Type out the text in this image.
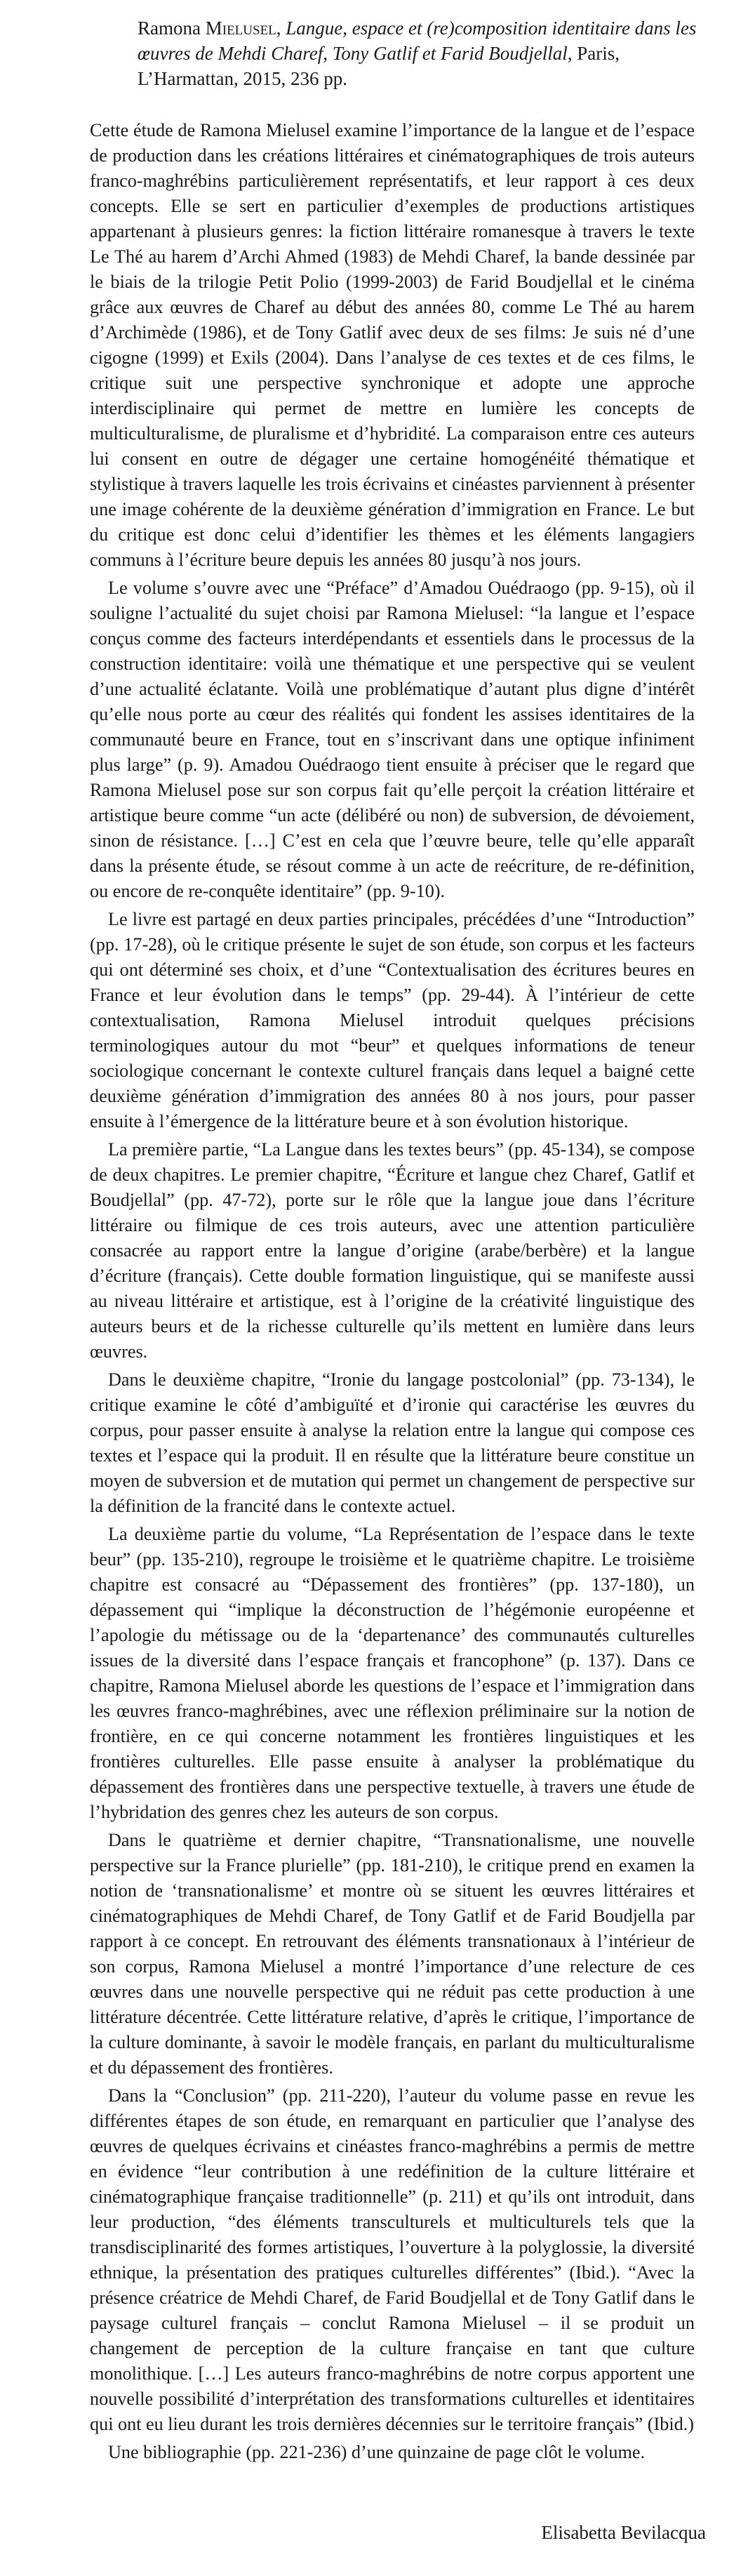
Ramona Mielusel, Langue, espace et (re)composition identitaire dans les œuvres de Mehdi Charef, Tony Gatlif et Farid Boudjellal, Paris, L’Harmattan, 2015, 236 pp.

Cette étude de Ramona Mielusel examine l’importance de la langue et de l’espace de production dans les créations littéraires et cinématographiques de trois auteurs franco-maghrébins particulièrement représentatifs, et leur rapport à ces deux concepts. Elle se sert en particulier d’exemples de productions artistiques appartenant à plusieurs genres: la fiction littéraire romanesque à travers le texte Le Thé au harem d’Archi Ahmed (1983) de Mehdi Charef, la bande dessinée par le biais de la trilogie Petit Polio (1999-2003) de Farid Boudjellal et le cinéma grâce aux œuvres de Charef au début des années 80, comme Le Thé au harem d’Archimède (1986), et de Tony Gatlif avec deux de ses films: Je suis né d’une cigogne (1999) et Exils (2004). Dans l’analyse de ces textes et de ces films, le critique suit une perspective synchronique et adopte une approche interdisciplinaire qui permet de mettre en lumière les concepts de multiculturalisme, de pluralisme et d’hybridité. La comparaison entre ces auteurs lui consent en outre de dégager une certaine homogénéité thématique et stylistique à travers laquelle les trois écrivains et cinéastes parviennent à présenter une image cohérente de la deuxième génération d’immigration en France. Le but du critique est donc celui d’identifier les thèmes et les éléments langagiers communs à l’écriture beure depuis les années 80 jusqu’à nos jours.

Le volume s’ouvre avec une “Préface” d’Amadou Ouédraogo (pp. 9-15), où il souligne l’actualité du sujet choisi par Ramona Mielusel: “la langue et l’espace conçus comme des facteurs interdépendants et essentiels dans le processus de la construction identitaire: voilà une thématique et une perspective qui se veulent d’une actualité éclatante. Voilà une problématique d’autant plus digne d’intérêt qu’elle nous porte au cœur des réalités qui fondent les assises identitaires de la communauté beure en France, tout en s’inscrivant dans une optique infiniment plus large” (p. 9). Amadou Ouédraogo tient ensuite à préciser que le regard que Ramona Mielusel pose sur son corpus fait qu’elle perçoit la création littéraire et artistique beure comme “un acte (délibéré ou non) de subversion, de dévoiement, sinon de résistance. […] C’est en cela que l’œuvre beure, telle qu’elle apparaît dans la présente étude, se résout comme à un acte de reécriture, de re-définition, ou encore de re-conquête identitaire” (pp. 9-10).

Le livre est partagé en deux parties principales, précédées d’une “Introduction” (pp. 17-28), où le critique présente le sujet de son étude, son corpus et les facteurs qui ont déterminé ses choix, et d’une “Contextualisation des écritures beures en France et leur évolution dans le temps” (pp. 29-44). À l’intérieur de cette contextualisation, Ramona Mielusel introduit quelques précisions terminologiques autour du mot “beur” et quelques informations de teneur sociologique concernant le contexte culturel français dans lequel a baigné cette deuxième génération d’immigration des années 80 à nos jours, pour passer ensuite à l’émergence de la littérature beure et à son évolution historique.

La première partie, “La Langue dans les textes beurs” (pp. 45-134), se compose de deux chapitres. Le premier chapitre, “Écriture et langue chez Charef, Gatlif et Boudjellal” (pp. 47-72), porte sur le rôle que la langue joue dans l’écriture littéraire ou filmique de ces trois auteurs, avec une attention particulière consacrée au rapport entre la langue d’origine (arabe/berbère) et la langue d’écriture (français). Cette double formation linguistique, qui se manifeste aussi au niveau littéraire et artistique, est à l’origine de la créativité linguistique des auteurs beurs et de la richesse culturelle qu’ils mettent en lumière dans leurs œuvres.

Dans le deuxième chapitre, “Ironie du langage postcolonial” (pp. 73-134), le critique examine le côté d’ambiguïté et d’ironie qui caractérise les œuvres du corpus, pour passer ensuite à analyse la relation entre la langue qui compose ces textes et l’espace qui la produit. Il en résulte que la littérature beure constitue un moyen de subversion et de mutation qui permet un changement de perspective sur la définition de la francité dans le contexte actuel.

La deuxième partie du volume, “La Représentation de l’espace dans le texte beur” (pp. 135-210), regroupe le troisième et le quatrième chapitre. Le troisième chapitre est consacré au “Dépassement des frontières” (pp. 137-180), un dépassement qui “implique la déconstruction de l’hégémonie européenne et l’apologie du métissage ou de la ‘departenance’ des communautés culturelles issues de la diversité dans l’espace français et francophone” (p. 137). Dans ce chapitre, Ramona Mielusel aborde les questions de l’espace et l’immigration dans les œuvres franco-maghrébines, avec une réflexion préliminaire sur la notion de frontière, en ce qui concerne notamment les frontières linguistiques et les frontières culturelles. Elle passe ensuite à analyser la problématique du dépassement des frontières dans une perspective textuelle, à travers une étude de l’hybridation des genres chez les auteurs de son corpus.

Dans le quatrième et dernier chapitre, “Transnationalisme, une nouvelle perspective sur la France plurielle” (pp. 181-210), le critique prend en examen la notion de ‘transnationalisme’ et montre où se situent les œuvres littéraires et cinématographiques de Mehdi Charef, de Tony Gatlif et de Farid Boudjella par rapport à ce concept. En retrouvant des éléments transnationaux à l’intérieur de son corpus, Ramona Mielusel a montré l’importance d’une relecture de ces œuvres dans une nouvelle perspective qui ne réduit pas cette production à une littérature décentrée. Cette littérature relative, d’après le critique, l’importance de la culture dominante, à savoir le modèle français, en parlant du multiculturalisme et du dépassement des frontières.

Dans la “Conclusion” (pp. 211-220), l’auteur du volume passe en revue les différentes étapes de son étude, en remarquant en particulier que l’analyse des œuvres de quelques écrivains et cinéastes franco-maghrébins a permis de mettre en évidence “leur contribution à une redéfinition de la culture littéraire et cinématographique française traditionnelle” (p. 211) et qu’ils ont introduit, dans leur production, “des éléments transculturels et multiculturels tels que la transdisciplinarité des formes artistiques, l’ouverture à la polyglossie, la diversité ethnique, la présentation des pratiques culturelles différentes” (Ibid.). “Avec la présence créatrice de Mehdi Charef, de Farid Boudjellal et de Tony Gatlif dans le paysage culturel français – conclut Ramona Mielusel – il se produit un changement de perception de la culture française en tant que culture monolithique. […] Les auteurs franco-maghrébins de notre corpus apportent une nouvelle possibilité d’interprétation des transformations culturelles et identitaires qui ont eu lieu durant les trois dernières décennies sur le territoire français” (Ibid.)

Une bibliographie (pp. 221-236) d’une quinzaine de page clôt le volume.

Elisabetta Bevilacqua
